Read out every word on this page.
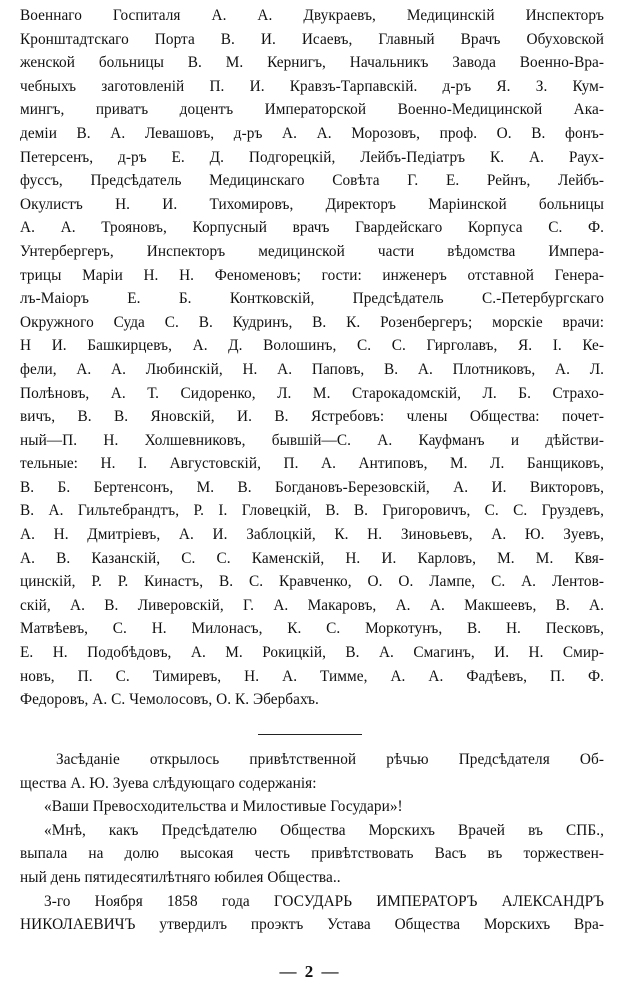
Военнаго Госпиталя А. А. Двукраевъ, Медицинскій Инспекторъ
Кронштадтскаго Порта В. И. Исаевъ, Главный Врачъ Обуховской
женской больницы В. М. Кернигъ, Начальникъ Завода Военно-Вра-
чебныхъ заготовленій П. И. Кравзъ-Тарпавскій. д-ръ Я. З. Кум-
мингъ, приватъ доцентъ Императорской Военно-Медицинской Ака-
деміи В. А. Левашовъ, д-ръ А. А. Морозовъ, проф. О. В. фонъ-
Петерсенъ, д-ръ Е. Д. Подгорецкій, Лейбъ-Педіатръ К. А. Раух-
фуссъ, Предсѣдатель Медицинскаго Совѣта Г. Е. Рейнъ, Лейбъ-
Окулистъ Н. И. Тихомировъ, Директоръ Маріинской больницы
А. А. Трояновъ, Корпусный врачъ Гвардейскаго Корпуса С. Ф.
Унтербергеръ, Инспекторъ медицинской части вѣдомства Импера-
трицы Маріи Н. Н. Феноменовъ; гости: инженеръ отставной Генера-
лъ-Маіоръ Е. Б. Контковскій, Предсѣдатель С.-Петербургскаго
Окружного Суда С. В. Кудринъ, В. К. Розенбергеръ; морскіе врачи:
Н И. Башкирцевъ, А. Д. Волошинъ, С. С. Гирголавъ, Я. І. Ке-
фели, А. А. Любинскій, Н. А. Паповъ, В. А. Плотниковъ, А. Л.
Полѣновъ, А. Т. Сидоренко, Л. М. Старокадомскій, Л. Б. Страхо-
вичъ, В. В. Яновскій, И. В. Ястребовъ: члены Общества: почет-
ный—П. Н. Холшевниковъ, бывшій—С. А. Кауфманъ и дѣйстви-
тельные: Н. І. Августовскій, П. А. Антиповъ, М. Л. Банщиковъ,
В. Б. Бертенсонъ, М. В. Богдановъ-Березовскій, А. И. Викторовъ,
В. А. Гильтебрандтъ, Р. І. Гловецкій, В. В. Григоровичъ, С. С. Груздевъ,
А. Н. Дмитріевъ, А. И. Заблоцкій, К. Н. Зиновьевъ, А. Ю. Зуевъ,
А. В. Казанскій, С. С. Каменскій, Н. И. Карловъ, М. М. Квя-
цинскій, Р. Р. Кинастъ, В. С. Кравченко, О. О. Лампе, С. А. Лентов-
скій, А. В. Ливеровскій, Г. А. Макаровъ, А. А. Макшеевъ, В. А.
Матвѣевъ, С. Н. Милонасъ, К. С. Моркотунъ, В. Н. Песковъ,
Е. Н. Подобѣдовъ, А. М. Рокицкій, В. А. Смагинъ, И. Н. Смир-
новъ, П. С. Тимиревъ, Н. А. Тимме, А. А. Фадѣевъ, П. Ф.
Федоровъ, А. С. Чемолосовъ, О. К. Эбербахъ.
Засѣданіе открылось привѣтственной рѣчью Предсѣдателя Об-
щества А. Ю. Зуева слѣдующаго содержанія:
«Ваши Превосходительства и Милостивые Государи»!
«Мнѣ, какъ Предсѣдателю Общества Морскихъ Врачей въ СПБ.,
выпала на долю высокая честь привѣтствовать Васъ въ торжествен-
ный день пятидесятилѣтняго юбилея Общества..
3-го Ноября 1858 года ГОСУДАРЬ ИМПЕРАТОРЪ АЛЕКСАНДРЪ
НИКОЛАЕВИЧЪ утвердилъ проэктъ Устава Общества Морскихъ Вра-
— 2 —
